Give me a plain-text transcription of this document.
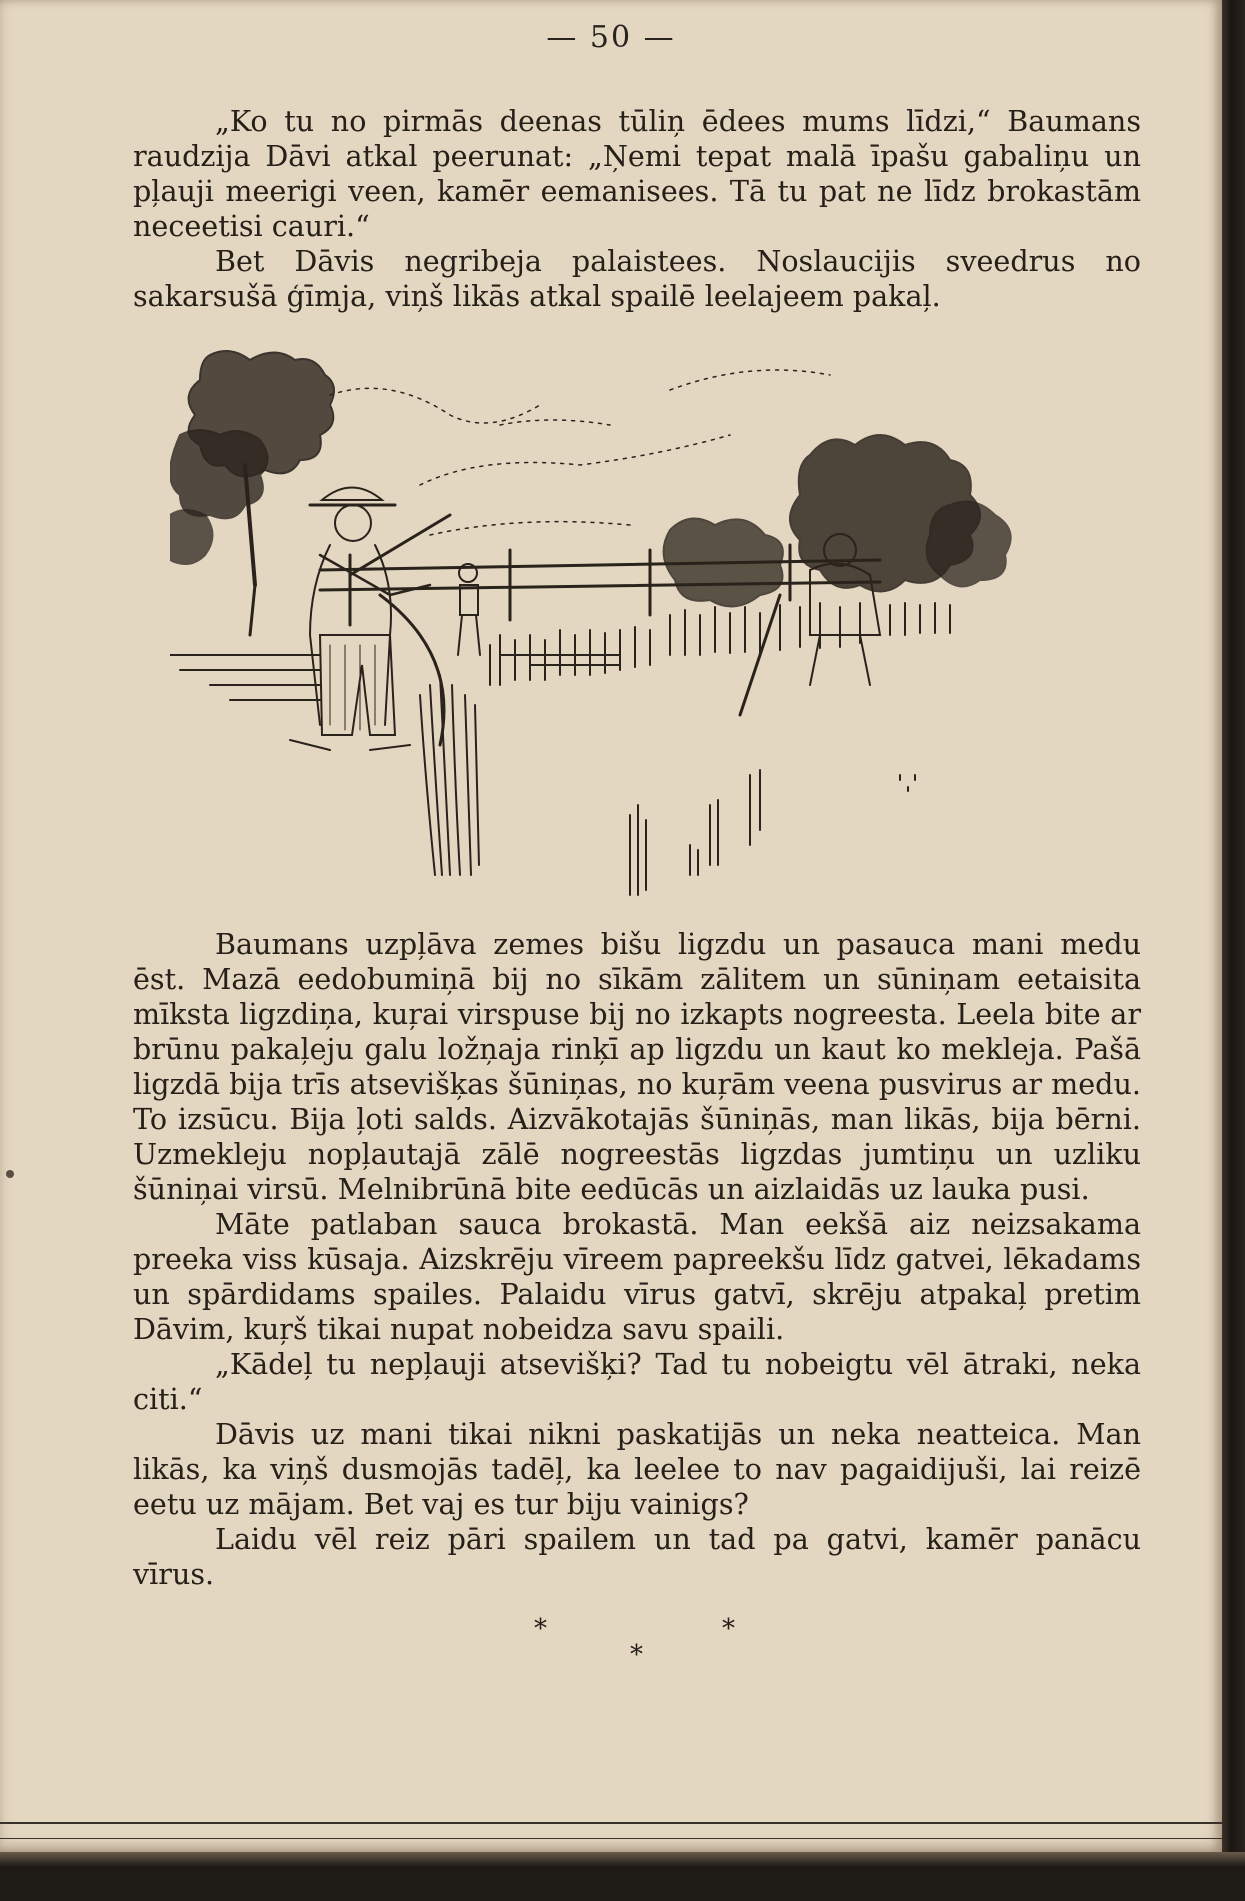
— 50 —

„Ko tu no pirmās deenas tūliņ ēdees mums līdzi,“ Baumans raudzija Dāvi atkal peerunat: „Ņemi tepat malā īpašu gabaliņu un pļauji meerigi veen, kamēr eemanisees. Tā tu pat ne līdz brokastām neceetisi cauri.“

Bet Dāvis negribeja palaistees. Noslaucijis sveedrus no sakarsušā ģīmja, viņš likās atkal spailē leelajeem pakaļ.

Baumans uzpļāva zemes bišu ligzdu un pasauca mani medu ēst. Mazā eedobumiņā bij no sīkām zālitem un sūniņam eetaisita mīksta ligzdiņa, kuŗai virspuse bij no izkapts nogreesta. Leela bite ar brūnu pakaļeju galu ložņaja rinķī ap ligzdu un kaut ko mekleja. Pašā ligzdā bija trīs atsevišķas šūniņas, no kuŗām veena pusvirus ar medu. To izsūcu. Bija ļoti salds. Aizvākotajās šūniņās, man likās, bija bērni. Uzmekleju nopļautajā zālē nogreestās ligzdas jumtiņu un uzliku šūniņai virsū. Melnibrūnā bite eedūcās un aizlaidās uz lauka pusi.

Māte patlaban sauca brokastā. Man eekšā aiz neizsakama preeka viss kūsaja. Aizskrēju vīreem papreekšu līdz gatvei, lēkadams un spārdidams spailes. Palaidu vīrus gatvī, skrēju atpakaļ pretim Dāvim, kuŗš tikai nupat nobeidza savu spaili.

„Kādeļ tu nepļauji atsevišķi? Tad tu nobeigtu vēl ātraki, neka citi.“

Dāvis uz mani tikai nikni paskatijās un neka neatteica. Man likās, ka viņš dusmojās tadēļ, ka leelee to nav pagaidijuši, lai reizē eetu uz mājam. Bet vaj es tur biju vainigs?

Laidu vēl reiz pāri spailem un tad pa gatvi, kamēr panācu vīrus.

*	*
*
